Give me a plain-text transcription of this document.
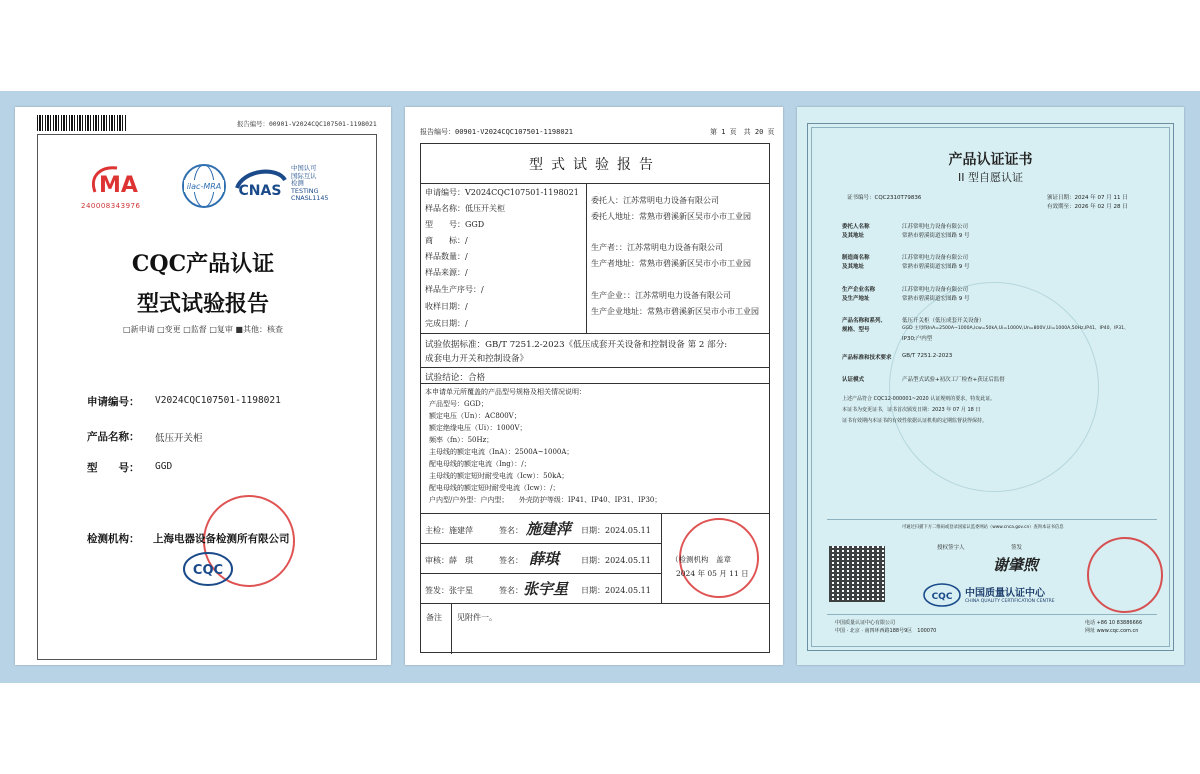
报告编号：00901-V2024CQC107501-1198021
MA
240008343976
ilac-MRA CNAS
中国认可
国际互认
检测
TESTING
CNASL1145
CQC产品认证
型式试验报告
□新申请 □变更 □监督 □复审 ■其他：核查
申请编号： V2024CQC107501-1198021
产品名称： 低压开关柜
型　　号： GGD
检测机构： 上海电器设备检测所有限公司
CQC
报告编号：00901-V2024CQC107501-1198021	第 1 页　共 20 页
型式试验报告
申请编号：V2024CQC107501-1198021
样品名称：低压开关柜
型　　号：GGD
商　　标：/
样品数量：/
样品来源：/
样品生产序号：/
收样日期：/
完成日期：/
委托人：江苏常明电力设备有限公司
委托人地址：常熟市碧溪新区吴市小市工业园
生产者：：江苏常明电力设备有限公司
生产者地址：常熟市碧溪新区吴市小市工业园
生产企业：：江苏常明电力设备有限公司
生产企业地址：常熟市碧溪新区吴市小市工业园
试验依据标准：GB/T 7251.2-2023《低压成套开关设备和控制设备 第 2 部分:
成套电力开关和控制设备》
试验结论：合格
本申请单元所覆盖的产品型号规格及相关情况说明：
产品型号：GGD；
额定电压（Un）：AC800V；
额定绝缘电压（Ui）：1000V；
频率（fn）：50Hz；
主母线的额定电流（InA）：2500A~1000A；
配电母线的额定电流（Ing）：/；
主母线的额定短时耐受电流（Icw）：50kA；
配电母线的额定短时耐受电流（Icw）：/；
户内型/户外型：户内型；　　外壳防护等级：IP41、IP40、IP31、IP30；
主检：施建萍	签名： 施建萍 日期：2024.05.11
审核：薛　琪	签名： 薛琪	日期：2024.05.11
签发：张宇星	签名： 张宇星 日期：2024.05.11
（检测机构　盖章
2024 年 05 月 11 日
备注 见附件一。
产品认证证书
II 型自愿认证
证书编号：CQC2310T79836	颁证日期：2024 年 07 月 11 日
有效期至：2026 年 02 月 28 日
委托人名称	江苏常明电力设备有限公司
及其地址	常熟市碧溪街道宏图路 9 号
制造商名称	江苏常明电力设备有限公司
及其地址	常熟市碧溪街道宏图路 9 号
生产企业名称	江苏常明电力设备有限公司
及生产地址	常熟市碧溪街道宏图路 9 号
产品名称和系列、	低压开关柜（低压成套开关设备）
规格、型号	GGD 主母线InA=2500A~1000A,Icw=50kA,Ui=1000V,Un=800V,Ui=1000A,50Hz,IP41、IP40、IP31、
IP30;户内型
产品标准和技术要求 GB/T 7251.2-2023
认证模式	产品型式试验+初次工厂检查+获证后监督
上述产品符合 CQC12-000001~2020 认证规则的要求，特发此证。
本证书为变更证书，证书首次颁发日期：2023 年 07 月 18 日
证书有效期内本证书的有效性依据认证机构的定期监督获得保持。
可通过扫描下方二维码或登录国家认监委网站（www.cnca.gov.cn）查询本证书信息
授权签字人	签发
谢肇煦
CQC 中国质量认证中心
CHINA QUALITY CERTIFICATION CENTRE
中国质量认证中心有限公司
中国 · 北京 · 南四环西路188号9区　100070
电话 +86 10 83886666
网址 www.cqc.com.cn
